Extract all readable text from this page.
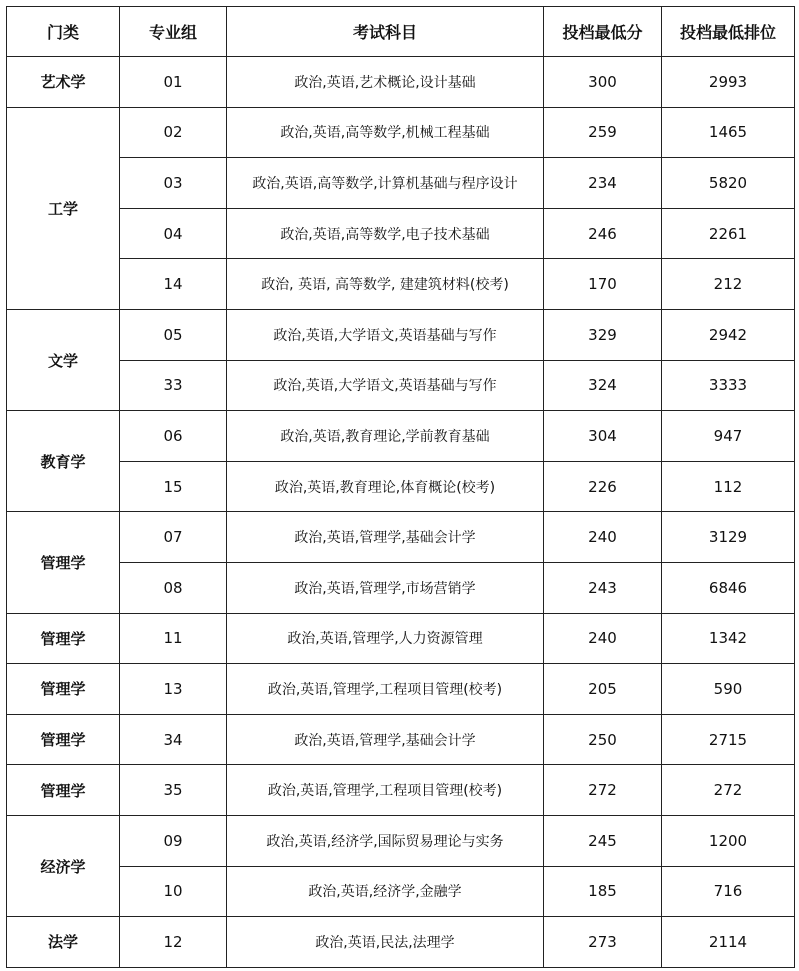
门类	专业组	考试科目	投档最低分	投档最低排位
艺术学	01	政治,英语,艺术概论,设计基础	300	2993
工学	02	政治,英语,高等数学,机械工程基础	259	1465
	03	政治,英语,高等数学,计算机基础与程序设计	234	5820
	04	政治,英语,高等数学,电子技术基础	246	2261
	14	政治, 英语, 高等数学, 建建筑材料(校考)	170	212
文学	05	政治,英语,大学语文,英语基础与写作	329	2942
	33	政治,英语,大学语文,英语基础与写作	324	3333
教育学	06	政治,英语,教育理论,学前教育基础	304	947
	15	政治,英语,教育理论,体育概论(校考)	226	112
管理学	07	政治,英语,管理学,基础会计学	240	3129
	08	政治,英语,管理学,市场营销学	243	6846
管理学	11	政治,英语,管理学,人力资源管理	240	1342
管理学	13	政治,英语,管理学,工程项目管理(校考)	205	590
管理学	34	政治,英语,管理学,基础会计学	250	2715
管理学	35	政治,英语,管理学,工程项目管理(校考)	272	272
经济学	09	政治,英语,经济学,国际贸易理论与实务	245	1200
	10	政治,英语,经济学,金融学	185	716
法学	12	政治,英语,民法,法理学	273	2114
